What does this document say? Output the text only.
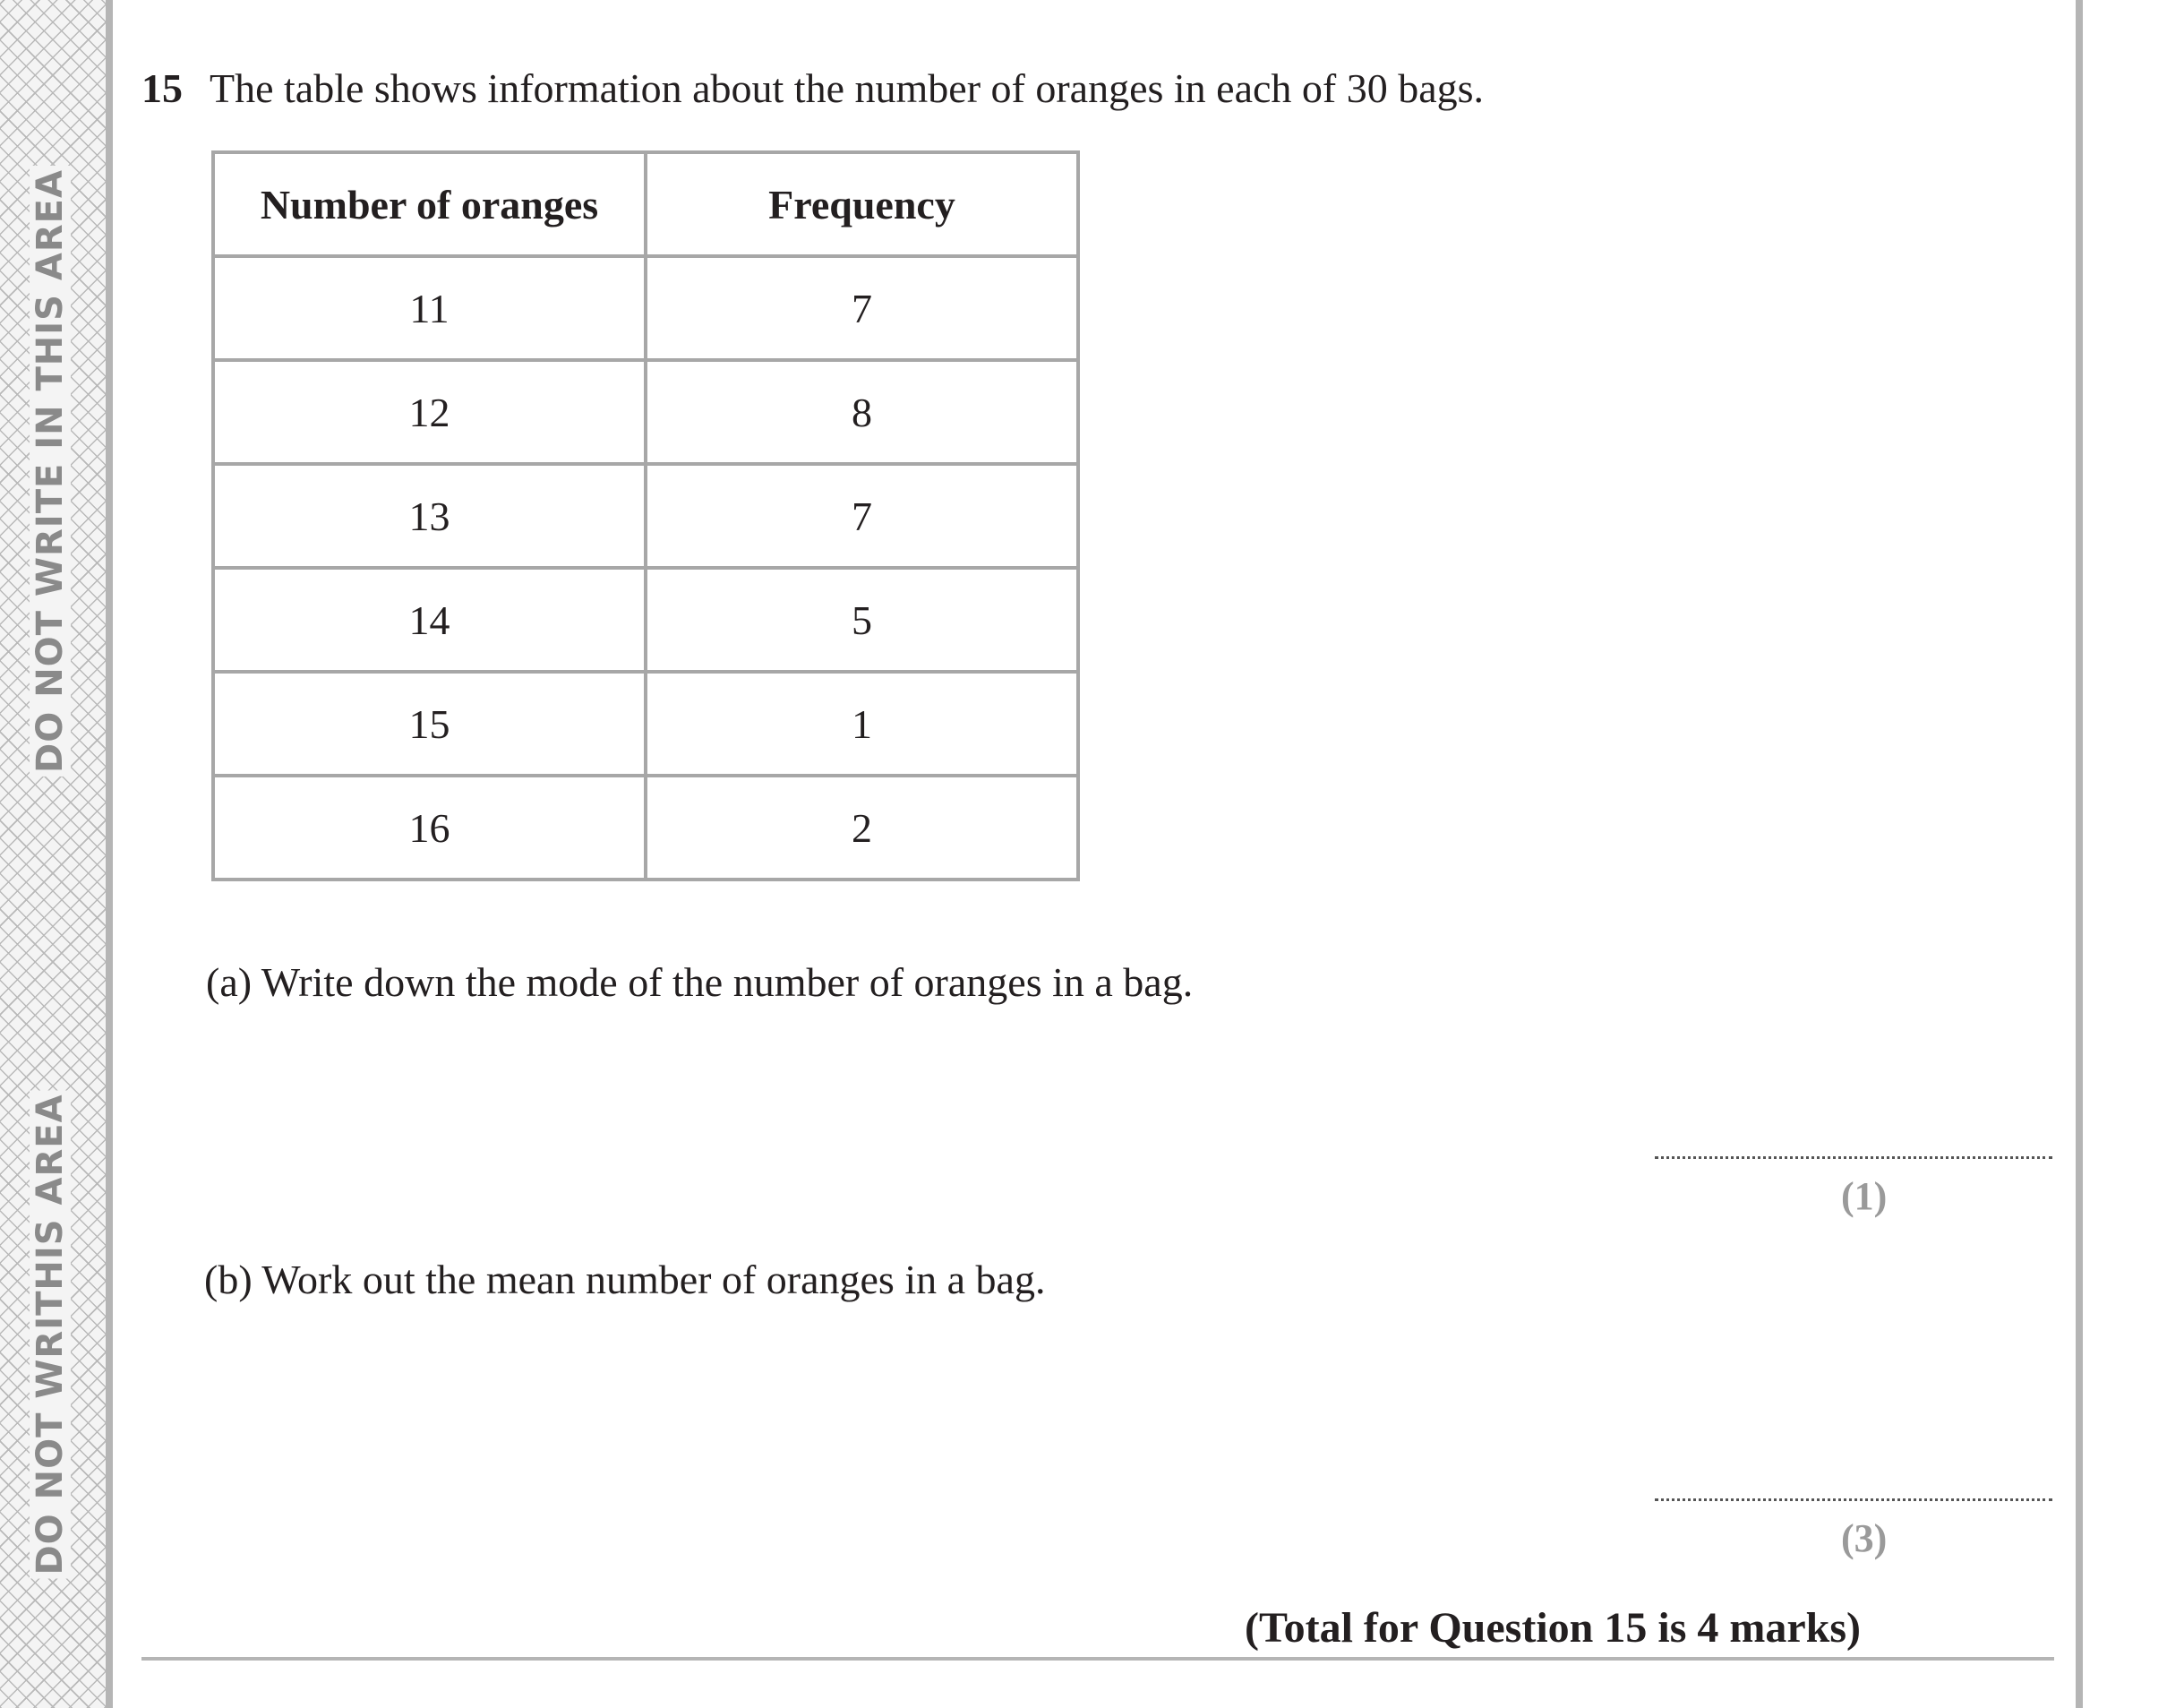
DO NOT WRITE IN THIS AREA
DO NOT WRITHIS AREA
15 The table shows information about the number of oranges in each of 30 bags.
Number of oranges	Frequency
11	7
12	8
13	7
14	5
15	1
16	2
(a) Write down the mode of the number of oranges in a bag.
(1)
(b) Work out the mean number of oranges in a bag.
(3)
(Total for Question 15 is 4 marks)
